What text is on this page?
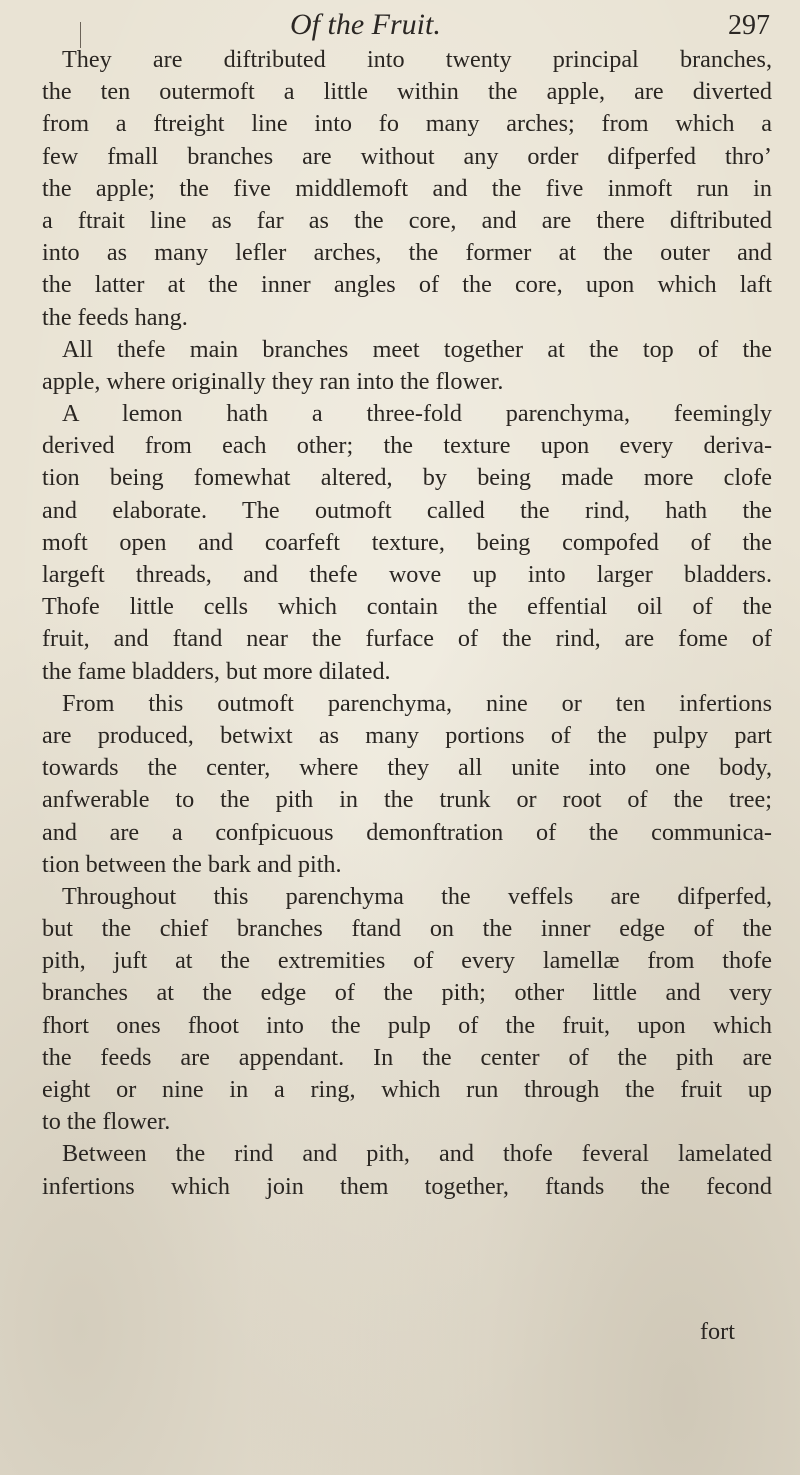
Of the Fruit.	297
They are diftributed into twenty principal branches,
the ten outermoft a little within the apple, are diverted
from a ftreight line into fo many arches; from which a
few fmall branches are without any order difperfed thro’
the apple; the five middlemoft and the five inmoft run in
a ftrait line as far as the core, and are there diftributed
into as many lefler arches, the former at the outer and
the latter at the inner angles of the core, upon which laft
the feeds hang.
All thefe main branches meet together at the top of the
apple, where originally they ran into the flower.
A lemon hath a three-fold parenchyma, feemingly
derived from each other; the texture upon every deriva-
tion being fomewhat altered, by being made more clofe
and elaborate. The outmoft called the rind, hath the
moft open and coarfeft texture, being compofed of the
largeft threads, and thefe wove up into larger bladders.
Thofe little cells which contain the effential oil of the
fruit, and ftand near the furface of the rind, are fome of
the fame bladders, but more dilated.
From this outmoft parenchyma, nine or ten infertions
are produced, betwixt as many portions of the pulpy part
towards the center, where they all unite into one body,
anfwerable to the pith in the trunk or root of the tree;
and are a confpicuous demonftration of the communica-
tion between the bark and pith.
Throughout this parenchyma the veffels are difperfed,
but the chief branches ftand on the inner edge of the
pith, juft at the extremities of every lamellæ from thofe
branches at the edge of the pith; other little and very
fhort ones fhoot into the pulp of the fruit, upon which
the feeds are appendant. In the center of the pith are
eight or nine in a ring, which run through the fruit up
to the flower.
Between the rind and pith, and thofe feveral lamelated
infertions which join them together, ftands the fecond
fort
